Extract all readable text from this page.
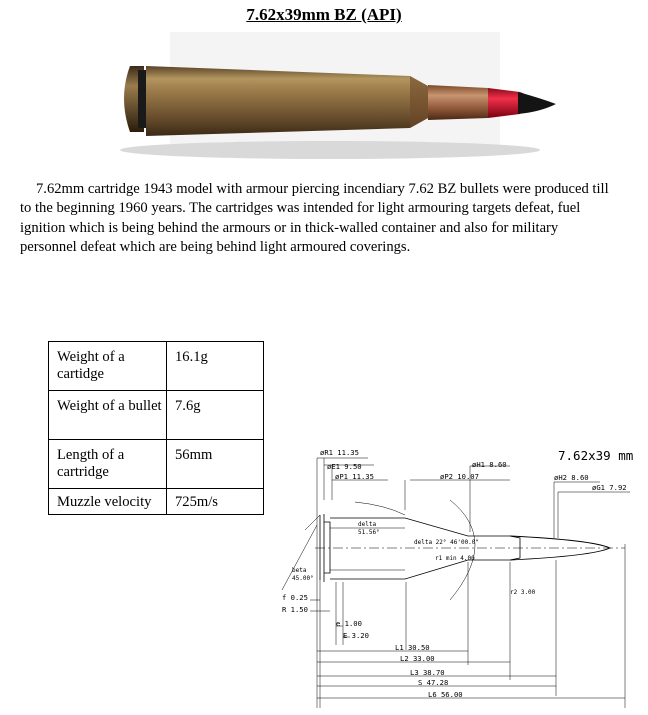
7.62x39mm BZ (API)

7.62mm cartridge 1943 model with armour piercing incendiary 7.62 BZ bullets were produced till to the beginning 1960 years. The cartridges was intended for light armouring targets defeat, fuel ignition which is being behind the armours or in thick-walled container and also for military personnel defeat which are being behind light armoured coverings.

Weight of a cartidge	16.1g
Weight of a bullet	7.6g
Length of a cartridge	56mm
Muzzle velocity	725m/s
øR1 11.35
øE1 9.50
øP1 11.35	øP2 10.07
øH1 8.60
øH2 8.60
øG1 7.92
delta
51.56°
delta 22° 46'00.0"
r1 min 4.00
beta
45.00°
r2 3.00
f 0.25
R 1.50
e 1.00
E 3.20
L1 30.50
L2 33.00
L3 38.70
S 47.28
L6 56.00
7.62x39 mm
